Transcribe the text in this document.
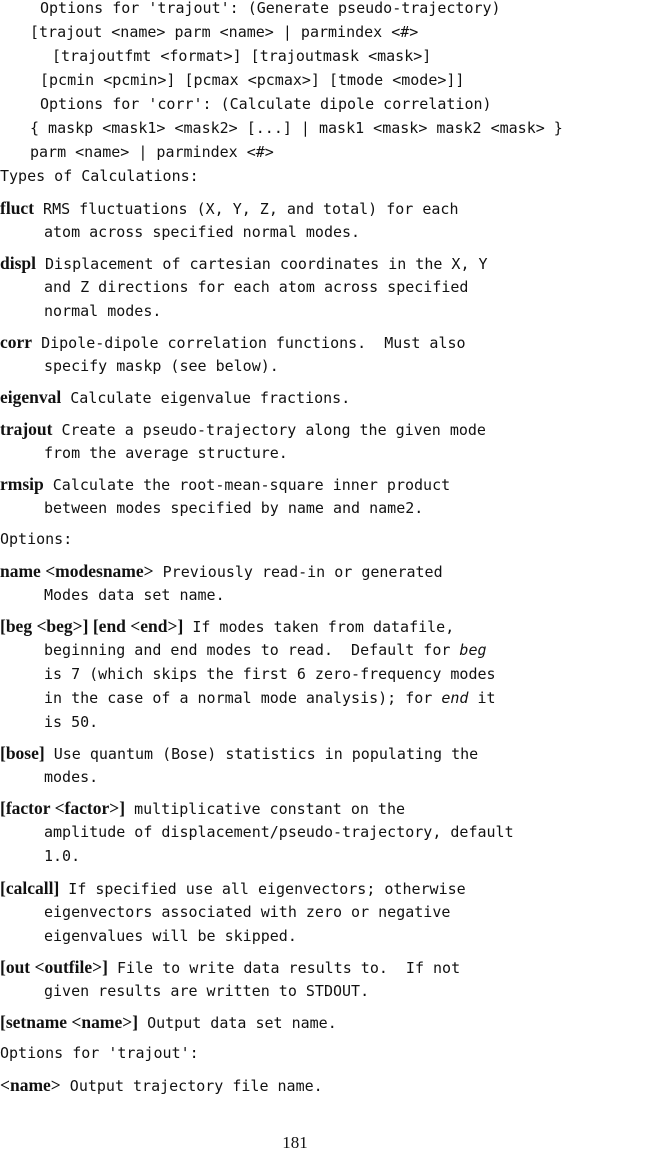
Options for 'trajout': (Generate pseudo-trajectory)
[trajout <name> parm <name> | parmindex <#>
[trajoutfmt <format>] [trajoutmask <mask>]
[pcmin <pcmin>] [pcmax <pcmax>] [tmode <mode>]]
Options for 'corr': (Calculate dipole correlation)
{ maskp <mask1> <mask2> [...] | mask1 <mask> mask2 <mask> }
parm <name> | parmindex <#>
Types of Calculations:
fluct RMS fluctuations (X, Y, Z, and total) for each
atom across specified normal modes.
displ Displacement of cartesian coordinates in the X, Y
and Z directions for each atom across specified
normal modes.
corr Dipole-dipole correlation functions.  Must also
specify maskp (see below).
eigenval Calculate eigenvalue fractions.
trajout Create a pseudo-trajectory along the given mode
from the average structure.
rmsip Calculate the root-mean-square inner product
between modes specified by name and name2.
Options:
name <modesname> Previously read-in or generated
Modes data set name.
[beg <beg>] [end <end>] If modes taken from datafile,
beginning and end modes to read.  Default for beg
is 7 (which skips the first 6 zero-frequency modes
in the case of a normal mode analysis); for end it
is 50.
[bose] Use quantum (Bose) statistics in populating the
modes.
[factor <factor>] multiplicative constant on the
amplitude of displacement/pseudo-trajectory, default
1.0.
[calcall] If specified use all eigenvectors; otherwise
eigenvectors associated with zero or negative
eigenvalues will be skipped.
[out <outfile>] File to write data results to.  If not
given results are written to STDOUT.
[setname <name>] Output data set name.
Options for 'trajout':
<name> Output trajectory file name.
181
